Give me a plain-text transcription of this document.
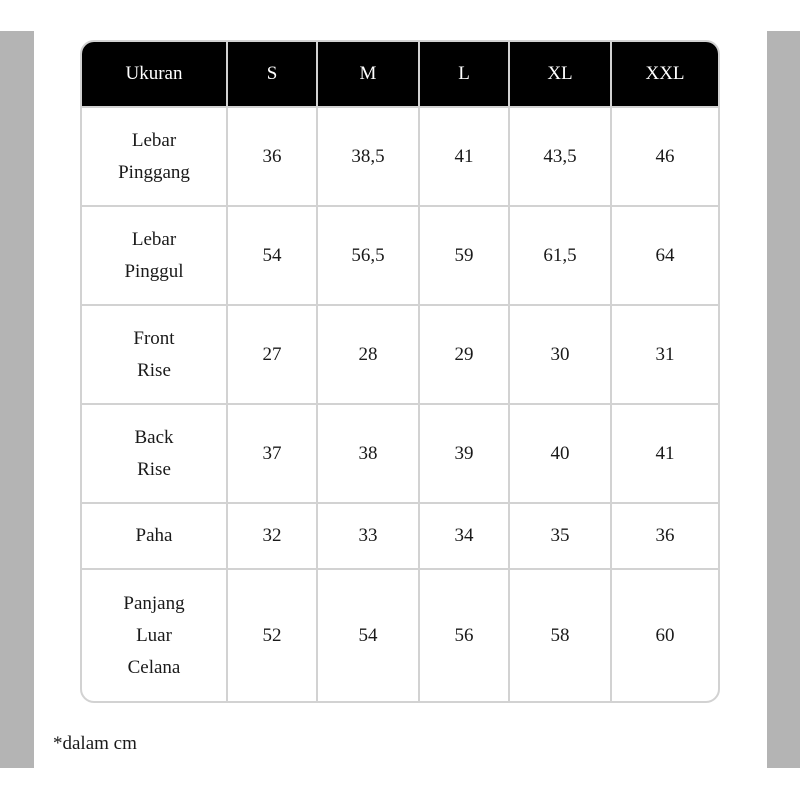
Ukuran	S	M	L	XL	XXL
Lebar
Pinggang	36	38,5	41	43,5	46
Lebar
Pinggul	54	56,5	59	61,5	64
Front
Rise	27	28	29	30	31
Back
Rise	37	38	39	40	41
Paha	32	33	34	35	36
Panjang
Luar
Celana	52	54	56	58	60
*dalam cm
